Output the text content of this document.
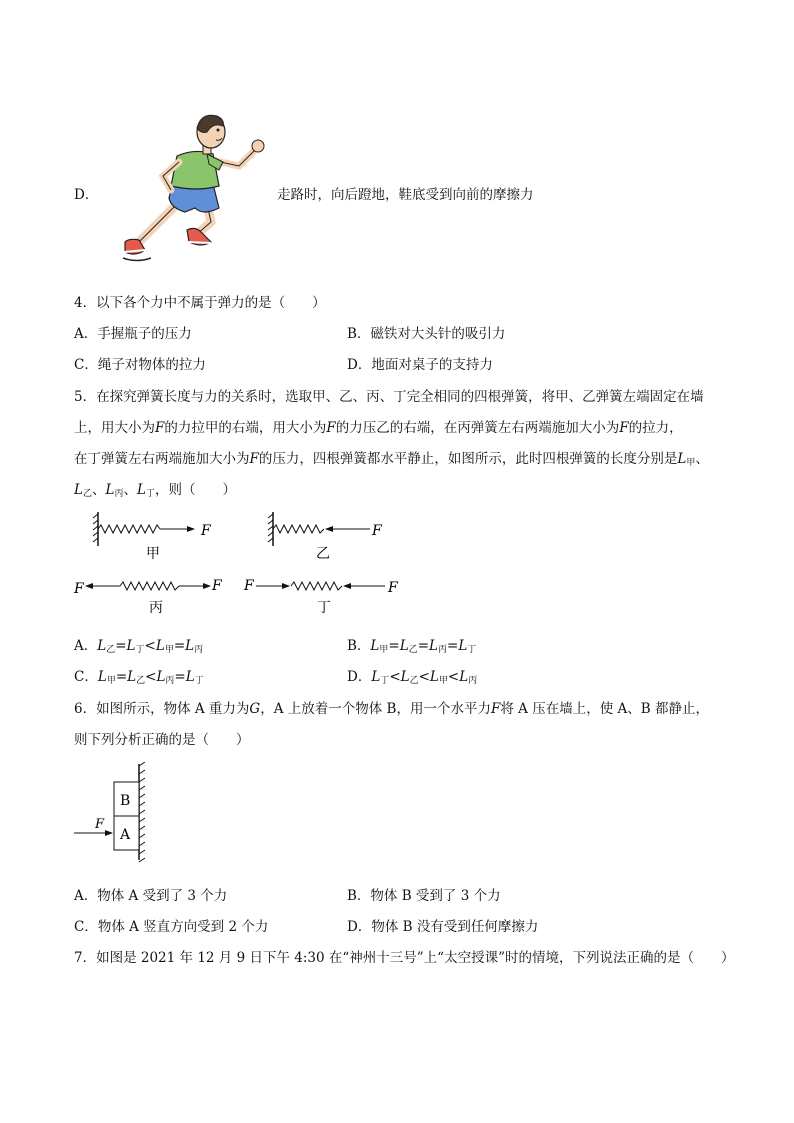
D．	走路时，向后蹬地，鞋底受到向前的摩擦力
4．以下各个力中不属于弹力的是（　　）
A．手握瓶子的压力	B．磁铁对大头针的吸引力
C．绳子对物体的拉力	D．地面对桌子的支持力
5．在探究弹簧长度与力的关系时，选取甲、乙、丙、丁完全相同的四根弹簧，将甲、乙弹簧左端固定在墙
上，用大小为F的力拉甲的右端，用大小为F的力压乙的右端，在丙弹簧左右两端施加大小为F的拉力，
在丁弹簧左右两端施加大小为F的压力，四根弹簧都水平静止，如图所示，此时四根弹簧的长度分别是$L_甲$、
$L_乙$、$L_丙$、$L_丁$，则（　　）
F
甲
F
乙
F	F
丙
F	F
丁
A．$L_乙=L_丁<L_甲=L_丙$	B．$L_甲=L_乙=L_丙=L_丁$
C．$L_甲=L_乙<L_丙=L_丁$	D．$L_丁<L_乙<L_甲<L_丙$
6．如图所示，物体 A 重力为G，A 上放着一个物体 B，用一个水平力F将 A 压在墙上，使 A、B 都静止，
则下列分析正确的是（　　）
B
A
F
A．物体 A 受到了 3 个力	B．物体 B 受到了 3 个力
C．物体 A 竖直方向受到 2 个力	D．物体 B 没有受到任何摩擦力
7．如图是 2021 年 12 月 9 日下午 4:30 在“神州十三号”上“太空授课”时的情境，下列说法正确的是（　　）
